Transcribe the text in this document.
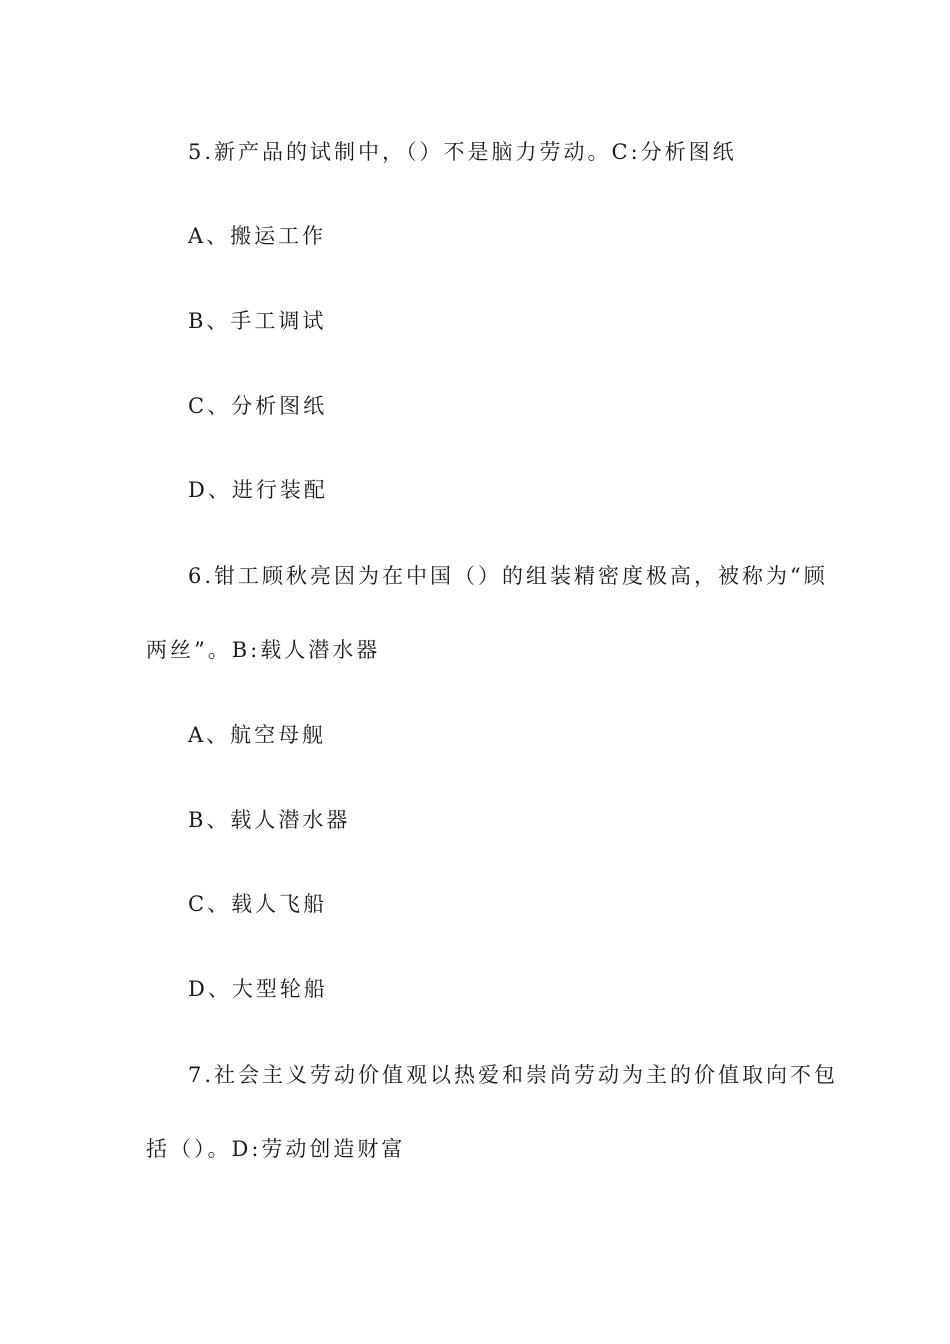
5.新产品的试制中，（）不是脑力劳动。C:分析图纸
A、搬运工作
B、手工调试
C、分析图纸
D、进行装配
6.钳工顾秋亮因为在中国（）的组装精密度极高，被称为“顾
两丝”。B:载人潜水器
A、航空母舰
B、载人潜水器
C、载人飞船
D、大型轮船
7.社会主义劳动价值观以热爱和崇尚劳动为主的价值取向不包
括（）。D:劳动创造财富
